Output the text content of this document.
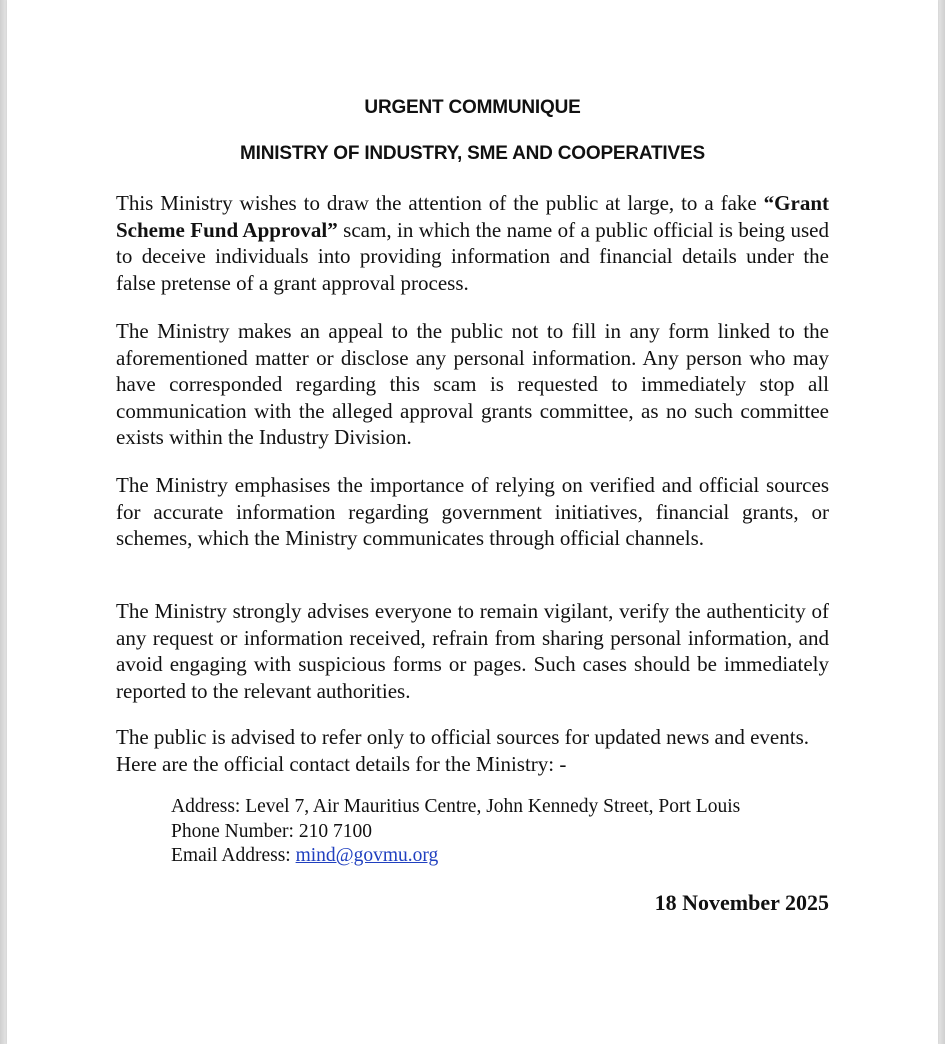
URGENT COMMUNIQUE
MINISTRY OF INDUSTRY, SME AND COOPERATIVES

This Ministry wishes to draw the attention of the public at large, to a fake “Grant Scheme Fund Approval” scam, in which the name of a public official is being used to deceive individuals into providing information and financial details under the false pretense of a grant approval process.

The Ministry makes an appeal to the public not to fill in any form linked to the aforementioned matter or disclose any personal information. Any person who may have corresponded regarding this scam is requested to immediately stop all communication with the alleged approval grants committee, as no such committee exists within the Industry Division.

The Ministry emphasises the importance of relying on verified and official sources for accurate information regarding government initiatives, financial grants, or schemes, which the Ministry communicates through official channels.

The Ministry strongly advises everyone to remain vigilant, verify the authenticity of any request or information received, refrain from sharing personal information, and avoid engaging with suspicious forms or pages. Such cases should be immediately reported to the relevant authorities.

The public is advised to refer only to official sources for updated news and events. Here are the official contact details for the Ministry: -

Address: Level 7, Air Mauritius Centre, John Kennedy Street, Port Louis
Phone Number: 210 7100
Email Address: mind@govmu.org
18 November 2025
